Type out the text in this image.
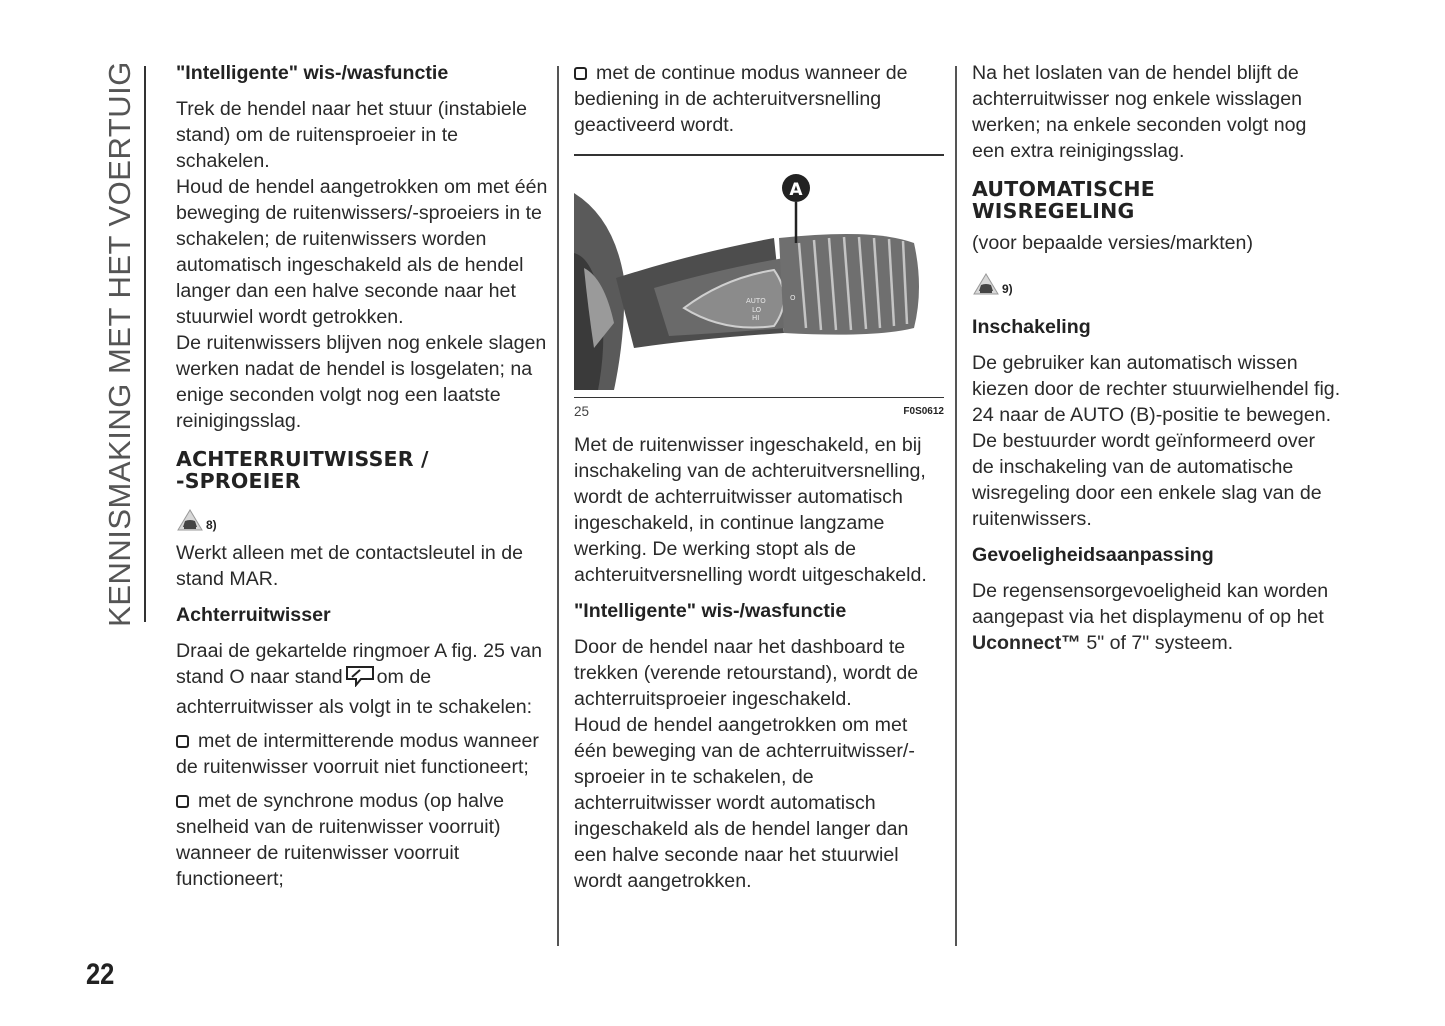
KENNISMAKING MET HET VOERTUIG
22

"Intelligente" wis-/wasfunctie

Trek de hendel naar het stuur (instabiele stand) om de ruitensproeier in te schakelen.

Houd de hendel aangetrokken om met één beweging de ruitenwissers/-sproeiers in te schakelen; de ruitenwissers worden automatisch ingeschakeld als de hendel langer dan een halve seconde naar het stuurwiel wordt getrokken.

De ruitenwissers blijven nog enkele slagen werken nadat de hendel is losgelaten; na enige seconden volgt nog een laatste reinigingsslag.

ACHTERRUITWISSER /

-SPROEIER

8)

Werkt alleen met de contactsleutel in de stand MAR.

Achterruitwisser

Draai de gekartelde ringmoer A fig. 25 van stand O naar stand om de achterruitwisser als volgt in te schakelen:

met de intermitterende modus wanneer de ruitenwisser voorruit niet functioneert;

met de synchrone modus (op halve snelheid van de ruitenwisser voorruit) wanneer de ruitenwisser voorruit functioneert;

met de continue modus wanneer de bediening in de achteruitversnelling geactiveerd wordt.

AUTO
LO
HI
O
A
25	F0S0612

Met de ruitenwisser ingeschakeld, en bij inschakeling van de achteruitversnelling, wordt de achterruitwisser automatisch ingeschakeld, in continue langzame werking. De werking stopt als de achteruitversnelling wordt uitgeschakeld.

"Intelligente" wis-/wasfunctie

Door de hendel naar het dashboard te trekken (verende retourstand), wordt de achterruitsproeier ingeschakeld.

Houd de hendel aangetrokken om met één beweging van de achterruitwisser/-sproeier in te schakelen, de achterruitwisser wordt automatisch ingeschakeld als de hendel langer dan een halve seconde naar het stuurwiel wordt aangetrokken.

Na het loslaten van de hendel blijft de achterruitwisser nog enkele wisslagen werken; na enkele seconden volgt nog een extra reinigingsslag.

AUTOMATISCHE

WISREGELING

(voor bepaalde versies/markten)

9)

Inschakeling

De gebruiker kan automatisch wissen kiezen door de rechter stuurwielhendel fig. 24 naar de AUTO (B)-positie te bewegen. De bestuurder wordt geïnformeerd over de inschakeling van de automatische wisregeling door een enkele slag van de ruitenwissers.

Gevoeligheidsaanpassing

De regensensorgevoeligheid kan worden aangepast via het displaymenu of op het Uconnect™ 5" of 7" systeem.
